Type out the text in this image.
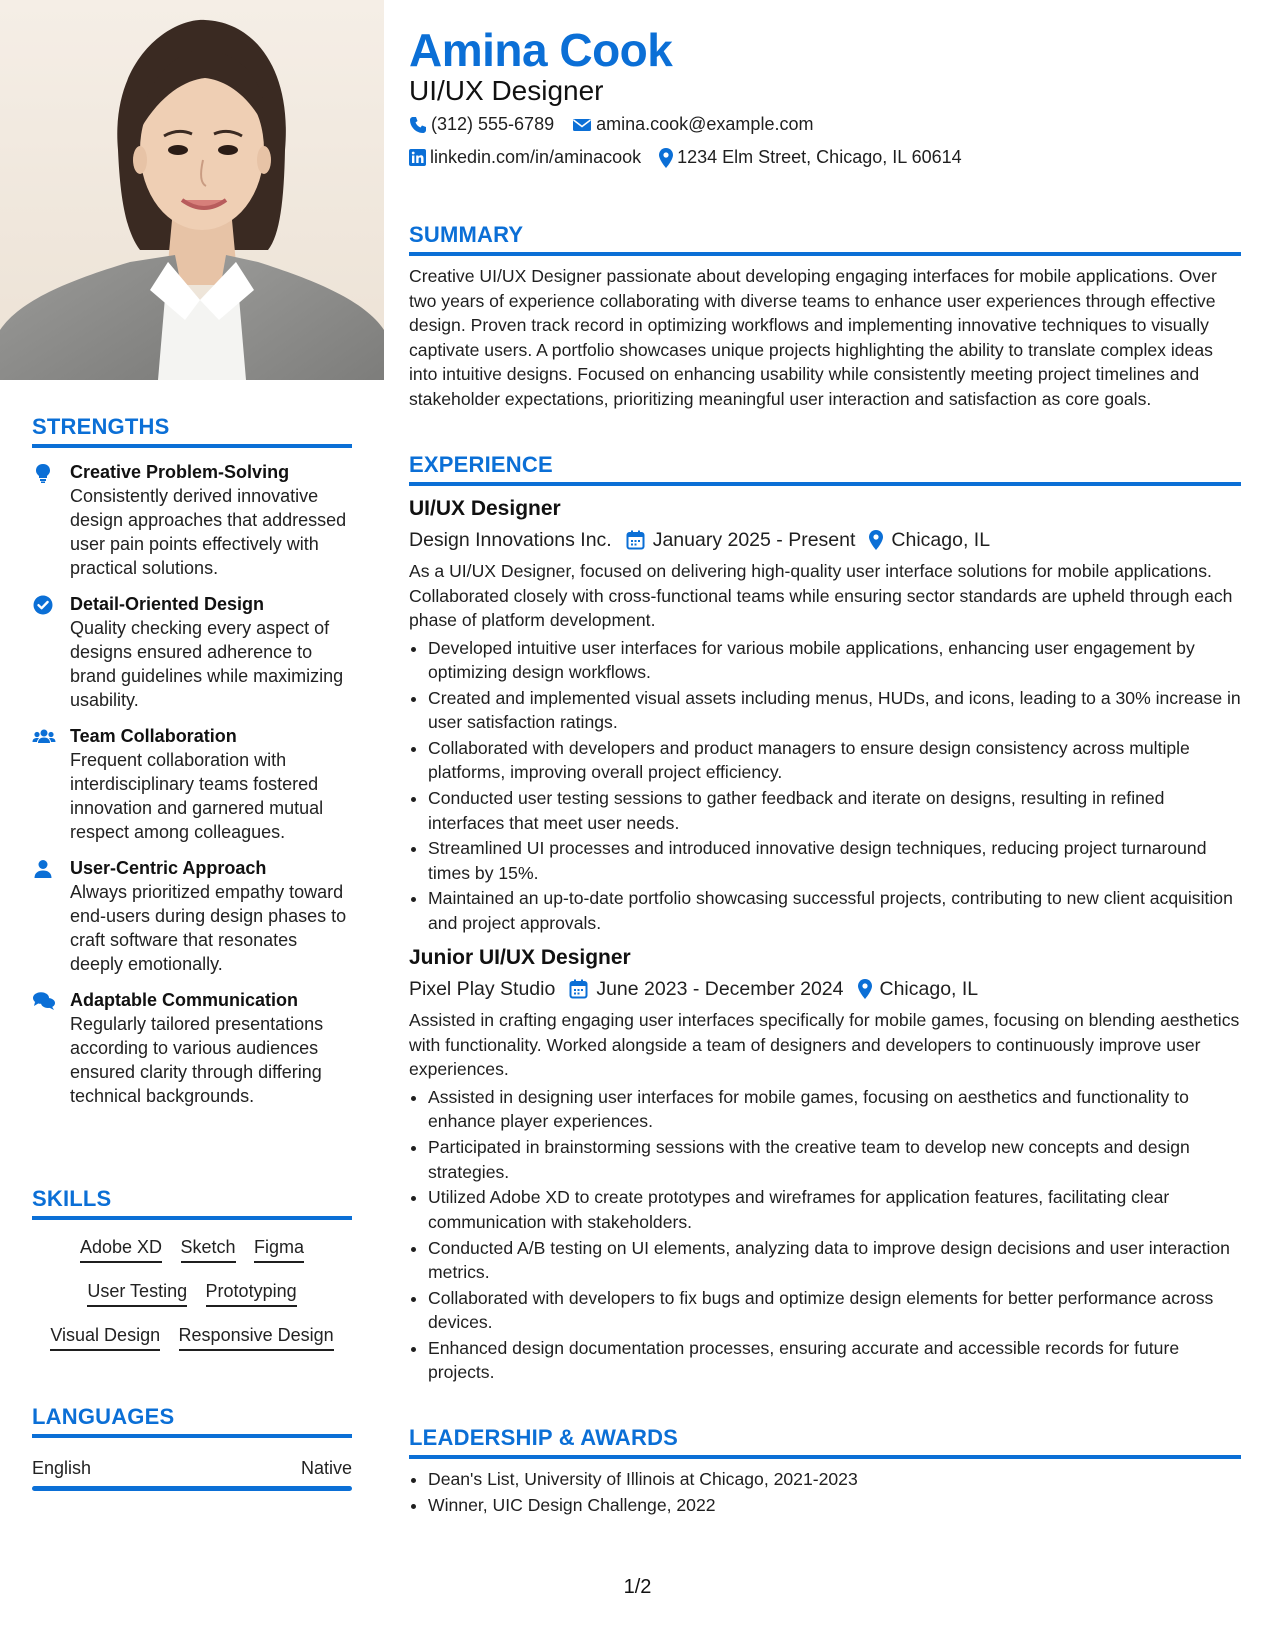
STRENGTHS
Creative Problem-Solving
Consistently derived innovative design approaches that addressed user pain points effectively with practical solutions.
Detail-Oriented Design
Quality checking every aspect of designs ensured adherence to brand guidelines while maximizing usability.
Team Collaboration
Frequent collaboration with interdisciplinary teams fostered innovation and garnered mutual respect among colleagues.
User-Centric Approach
Always prioritized empathy toward end-users during design phases to craft software that resonates deeply emotionally.
Adaptable Communication
Regularly tailored presentations according to various audiences ensured clarity through differing technical backgrounds.
SKILLS
Adobe XD Sketch Figma
User Testing Prototyping
Visual Design Responsive Design
LANGUAGES
English	Native
Amina Cook
UI/UX Designer
(312) 555-6789 amina.cook@example.com
linkedin.com/in/aminacook 1234 Elm Street, Chicago, IL 60614
SUMMARY
Creative UI/UX Designer passionate about developing engaging interfaces for mobile applications. Over two years of experience collaborating with diverse teams to enhance user experiences through effective design. Proven track record in optimizing workflows and implementing innovative techniques to visually captivate users. A portfolio showcases unique projects highlighting the ability to translate complex ideas into intuitive designs. Focused on enhancing usability while consistently meeting project timelines and stakeholder expectations, prioritizing meaningful user interaction and satisfaction as core goals.
EXPERIENCE
UI/UX Designer
Design Innovations Inc. January 2025 - Present Chicago, IL
As a UI/UX Designer, focused on delivering high-quality user interface solutions for mobile applications. Collaborated closely with cross-functional teams while ensuring sector standards are upheld through each phase of platform development.
• Developed intuitive user interfaces for various mobile applications, enhancing user engagement by optimizing design workflows.
• Created and implemented visual assets including menus, HUDs, and icons, leading to a 30% increase in user satisfaction ratings.
• Collaborated with developers and product managers to ensure design consistency across multiple platforms, improving overall project efficiency.
• Conducted user testing sessions to gather feedback and iterate on designs, resulting in refined interfaces that meet user needs.
• Streamlined UI processes and introduced innovative design techniques, reducing project turnaround times by 15%.
• Maintained an up-to-date portfolio showcasing successful projects, contributing to new client acquisition and project approvals.
Junior UI/UX Designer
Pixel Play Studio June 2023 - December 2024 Chicago, IL
Assisted in crafting engaging user interfaces specifically for mobile games, focusing on blending aesthetics with functionality. Worked alongside a team of designers and developers to continuously improve user experiences.
• Assisted in designing user interfaces for mobile games, focusing on aesthetics and functionality to enhance player experiences.
• Participated in brainstorming sessions with the creative team to develop new concepts and design strategies.
• Utilized Adobe XD to create prototypes and wireframes for application features, facilitating clear communication with stakeholders.
• Conducted A/B testing on UI elements, analyzing data to improve design decisions and user interaction metrics.
• Collaborated with developers to fix bugs and optimize design elements for better performance across devices.
• Enhanced design documentation processes, ensuring accurate and accessible records for future projects.
LEADERSHIP & AWARDS
• Dean's List, University of Illinois at Chicago, 2021-2023
• Winner, UIC Design Challenge, 2022
1/2
